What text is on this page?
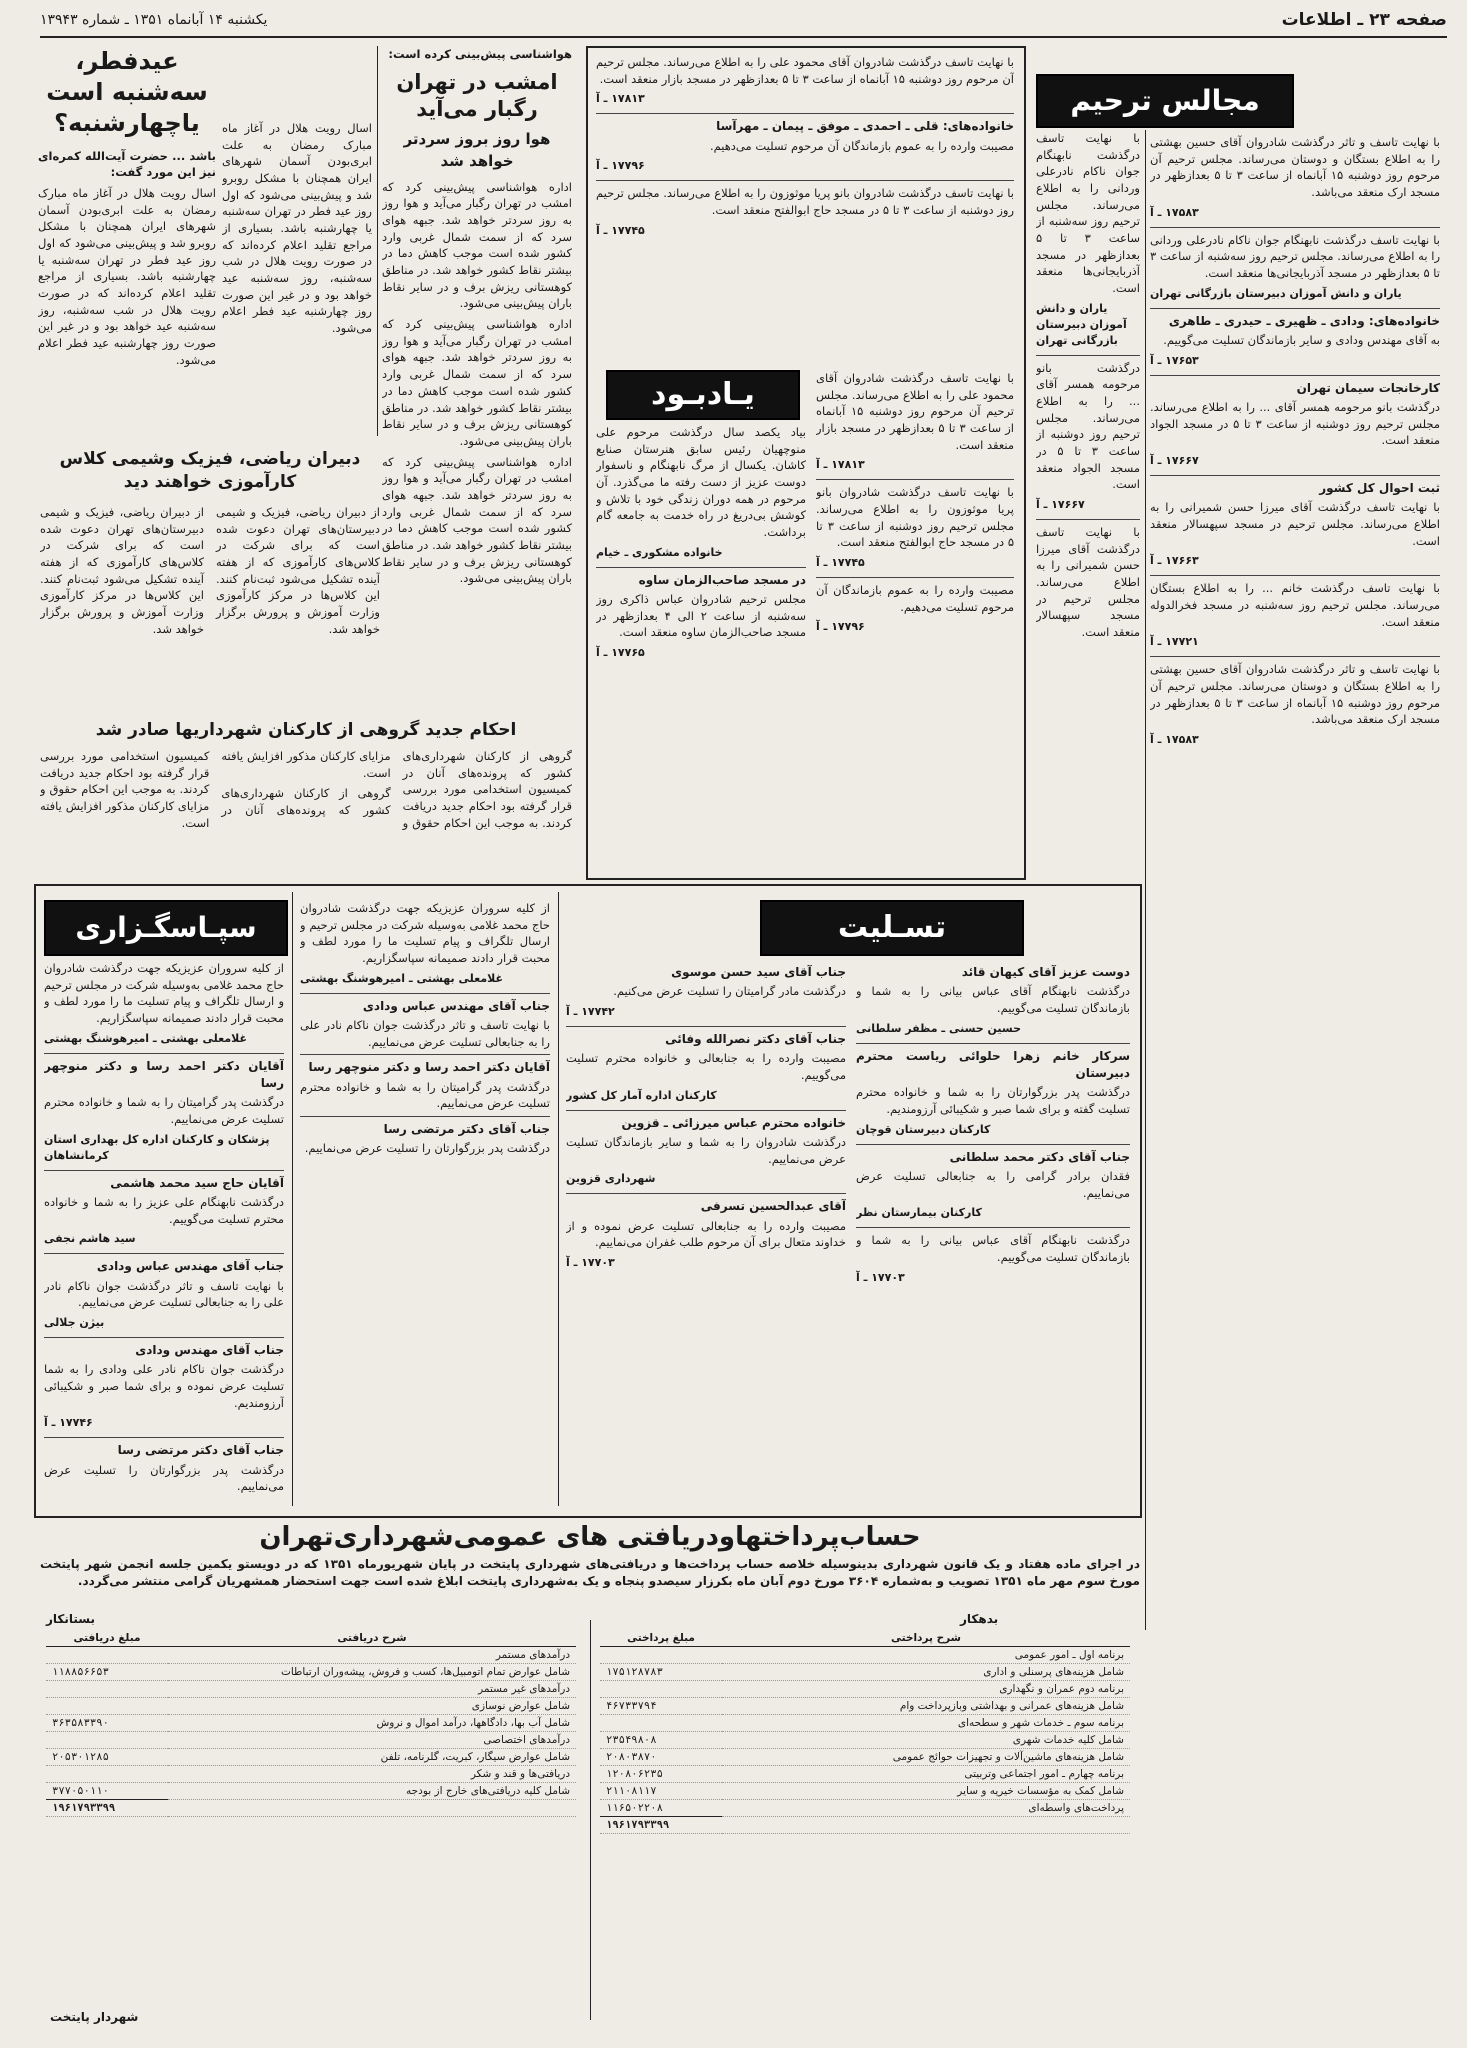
صفحه ۲۳ ـ اطلاعات
یکشنبه ۱۴ آبانماه ۱۳۵۱ ـ شماره ۱۳۹۴۳
عیدفطر، سه‌شنبه است یاچهارشنبه؟

باشد ... حضرت آیت‌الله کمره‌ای نیز این مورد گفت:

اسال رویت هلال در آغاز ماه مبارک رمضان به علت ابری‌بودن آسمان شهرهای ایران همچنان با مشکل روبرو شد و پیش‌بینی می‌شود که اول روز عید فطر در تهران سه‌شنبه یا چهارشنبه باشد. بسیاری از مراجع تقلید اعلام کرده‌اند که در صورت رویت هلال در شب سه‌شنبه، روز سه‌شنبه عید خواهد بود و در غیر این صورت روز چهارشنبه عید فطر اعلام می‌شود.

اسال رویت هلال در آغاز ماه مبارک رمضان به علت ابری‌بودن آسمان شهرهای ایران همچنان با مشکل روبرو شد و پیش‌بینی می‌شود که اول روز عید فطر در تهران سه‌شنبه یا چهارشنبه باشد. بسیاری از مراجع تقلید اعلام کرده‌اند که در صورت رویت هلال در شب سه‌شنبه، روز سه‌شنبه عید خواهد بود و در غیر این صورت روز چهارشنبه عید فطر اعلام می‌شود.

هواشناسی پیش‌بینی کرده است:

امشب در تهران رگبار می‌آید
هوا روز بروز سردتر خواهد شد

اداره هواشناسی پیش‌بینی کرد که امشب در تهران رگبار می‌آید و هوا روز به روز سردتر خواهد شد. جبهه هوای سرد که از سمت شمال غربی وارد کشور شده است موجب کاهش دما در بیشتر نقاط کشور خواهد شد. در مناطق کوهستانی ریزش برف و در سایر نقاط باران پیش‌بینی می‌شود.

اداره هواشناسی پیش‌بینی کرد که امشب در تهران رگبار می‌آید و هوا روز به روز سردتر خواهد شد. جبهه هوای سرد که از سمت شمال غربی وارد کشور شده است موجب کاهش دما در بیشتر نقاط کشور خواهد شد. در مناطق کوهستانی ریزش برف و در سایر نقاط باران پیش‌بینی می‌شود.

اداره هواشناسی پیش‌بینی کرد که امشب در تهران رگبار می‌آید و هوا روز به روز سردتر خواهد شد. جبهه هوای سرد که از سمت شمال غربی وارد کشور شده است موجب کاهش دما در بیشتر نقاط کشور خواهد شد. در مناطق کوهستانی ریزش برف و در سایر نقاط باران پیش‌بینی می‌شود.

دبیران ریاضی، فیزیک وشیمی کلاس کارآموزی خواهند دید

از دبیران ریاضی، فیزیک و شیمی دبیرستان‌های تهران دعوت شده است که برای شرکت در کلاس‌های کارآموزی که از هفته آینده تشکیل می‌شود ثبت‌نام کنند. این کلاس‌ها در مرکز کارآموزی وزارت آموزش و پرورش برگزار خواهد شد.

از دبیران ریاضی، فیزیک و شیمی دبیرستان‌های تهران دعوت شده است که برای شرکت در کلاس‌های کارآموزی که از هفته آینده تشکیل می‌شود ثبت‌نام کنند. این کلاس‌ها در مرکز کارآموزی وزارت آموزش و پرورش برگزار خواهد شد.

احکام جدید گروهی از کارکنان شهرداریها صادر شد

گروهی از کارکنان شهرداری‌های کشور که پرونده‌های آنان در کمیسیون استخدامی مورد بررسی قرار گرفته بود احکام جدید دریافت کردند. به موجب این احکام حقوق و مزایای کارکنان مذکور افزایش یافته است.

گروهی از کارکنان شهرداری‌های کشور که پرونده‌های آنان در کمیسیون استخدامی مورد بررسی قرار گرفته بود احکام جدید دریافت کردند. به موجب این احکام حقوق و مزایای کارکنان مذکور افزایش یافته است.

با نهایت تاسف درگذشت شادروان آقای محمود علی را به اطلاع می‌رساند. مجلس ترحیم آن مرحوم روز دوشنبه ۱۵ آبانماه از ساعت ۳ تا ۵ بعدازظهر در مسجد بازار منعقد است.

۱۷۸۱۳ ـ آ
خانواده‌های: قلی ـ احمدی ـ موفق ـ پیمان ـ مهرآسا

مصیبت وارده را به عموم بازماندگان آن مرحوم تسلیت می‌دهیم.

۱۷۷۹۶ ـ آ

با نهایت تاسف درگذشت شادروان بانو پریا موثوزون را به اطلاع می‌رساند. مجلس ترحیم روز دوشنبه از ساعت ۳ تا ۵ در مسجد حاج ابوالفتح منعقد است.

۱۷۷۴۵ ـ آ
یـادبـود

بیاد یکصد سال درگذشت مرحوم علی منوچهیان رئیس سابق هنرستان صنایع کاشان. یکسال از مرگ نابهنگام و ناسفوار دوست عزیز از دست رفته ما می‌گذرد. آن مرحوم در همه دوران زندگی خود با تلاش و کوشش بی‌دریغ در راه خدمت به جامعه گام برداشت.

خانواده مشکوری ـ خیام
در مسجد صاحب‌الزمان ساوه

مجلس ترحیم شادروان عباس ذاکری روز سه‌شنبه از ساعت ۲ الی ۴ بعدازظهر در مسجد صاحب‌الزمان ساوه منعقد است.

۱۷۷۶۵ ـ آ

با نهایت تاسف درگذشت شادروان آقای محمود علی را به اطلاع می‌رساند. مجلس ترحیم آن مرحوم روز دوشنبه ۱۵ آبانماه از ساعت ۳ تا ۵ بعدازظهر در مسجد بازار منعقد است.

۱۷۸۱۳ ـ آ

با نهایت تاسف درگذشت شادروان بانو پریا موثوزون را به اطلاع می‌رساند. مجلس ترحیم روز دوشنبه از ساعت ۳ تا ۵ در مسجد حاج ابوالفتح منعقد است.

۱۷۷۴۵ ـ آ

مصیبت وارده را به عموم بازماندگان آن مرحوم تسلیت می‌دهیم.

۱۷۷۹۶ ـ آ
مجالس ترحیم

با نهایت تاسف و تاثر درگذشت شادروان آقای حسین بهشتی را به اطلاع بستگان و دوستان می‌رساند. مجلس ترحیم آن مرحوم روز دوشنبه ۱۵ آبانماه از ساعت ۳ تا ۵ بعدازظهر در مسجد ارک منعقد می‌باشد.

۱۷۵۸۳ ـ آ

با نهایت تاسف درگذشت نابهنگام جوان ناکام نادرعلی وردانی را به اطلاع می‌رساند. مجلس ترحیم روز سه‌شنبه از ساعت ۳ تا ۵ بعدازظهر در مسجد آذربایجانی‌ها منعقد است.

یاران و دانش آموزان دبیرستان بازرگانی تهران
خانواده‌های: ودادی ـ ظهیری ـ حیدری ـ طاهری

به آقای مهندس ودادی و سایر بازماندگان تسلیت می‌گوییم.

۱۷۶۵۳ ـ آ
کارخانجات سیمان تهران

درگذشت بانو مرحومه همسر آقای ... را به اطلاع می‌رساند. مجلس ترحیم روز دوشنبه از ساعت ۳ تا ۵ در مسجد الجواد منعقد است.

۱۷۶۶۷ ـ آ
ثبت احوال کل کشور

با نهایت تاسف درگذشت آقای میرزا حسن شمیرانی را به اطلاع می‌رساند. مجلس ترحیم در مسجد سپهسالار منعقد است.

۱۷۶۶۳ ـ آ

با نهایت تاسف درگذشت خانم ... را به اطلاع بستگان می‌رساند. مجلس ترحیم روز سه‌شنبه در مسجد فخرالدوله منعقد است.

۱۷۷۲۱ ـ آ

با نهایت تاسف و تاثر درگذشت شادروان آقای حسین بهشتی را به اطلاع بستگان و دوستان می‌رساند. مجلس ترحیم آن مرحوم روز دوشنبه ۱۵ آبانماه از ساعت ۳ تا ۵ بعدازظهر در مسجد ارک منعقد می‌باشد.

۱۷۵۸۳ ـ آ

با نهایت تاسف درگذشت نابهنگام جوان ناکام نادرعلی وردانی را به اطلاع می‌رساند. مجلس ترحیم روز سه‌شنبه از ساعت ۳ تا ۵ بعدازظهر در مسجد آذربایجانی‌ها منعقد است.

یاران و دانش آموزان دبیرستان بازرگانی تهران

درگذشت بانو مرحومه همسر آقای ... را به اطلاع می‌رساند. مجلس ترحیم روز دوشنبه از ساعت ۳ تا ۵ در مسجد الجواد منعقد است.

۱۷۶۶۷ ـ آ

با نهایت تاسف درگذشت آقای میرزا حسن شمیرانی را به اطلاع می‌رساند. مجلس ترحیم در مسجد سپهسالار منعقد است.

سپـاسگـزاری

از کلیه سروران عزیزیکه جهت درگذشت شادروان حاج محمد غلامی به‌وسیله شرکت در مجلس ترحیم و ارسال تلگراف و پیام تسلیت ما را مورد لطف و محبت قرار دادند صمیمانه سپاسگزاریم.

غلامعلی بهشتی ـ امیرهوشنگ بهشتی
آقایان دکتر احمد رسا و دکتر منوچهر رسا

درگذشت پدر گرامیتان را به شما و خانواده محترم تسلیت عرض می‌نماییم.

پزشکان و کارکنان اداره کل بهداری استان کرمانشاهان
آقایان حاج سید محمد هاشمی

درگذشت نابهنگام علی عزیز را به شما و خانواده محترم تسلیت می‌گوییم.

سید هاشم نجفی
جناب آقای مهندس عباس ودادی

با نهایت تاسف و تاثر درگذشت جوان ناکام نادر علی را به جنابعالی تسلیت عرض می‌نماییم.

بیژن جلالی
جناب آقای مهندس ودادی

درگذشت جوان ناکام نادر علی ودادی را به شما تسلیت عرض نموده و برای شما صبر و شکیبائی آرزومندیم.

۱۷۷۴۶ ـ آ
جناب آقای دکتر مرتضی رسا

درگذشت پدر بزرگوارتان را تسلیت عرض می‌نماییم.

از کلیه سروران عزیزیکه جهت درگذشت شادروان حاج محمد غلامی به‌وسیله شرکت در مجلس ترحیم و ارسال تلگراف و پیام تسلیت ما را مورد لطف و محبت قرار دادند صمیمانه سپاسگزاریم.

غلامعلی بهشتی ـ امیرهوشنگ بهشتی
جناب آقای مهندس عباس ودادی

با نهایت تاسف و تاثر درگذشت جوان ناکام نادر علی را به جنابعالی تسلیت عرض می‌نماییم.

آقایان دکتر احمد رسا و دکتر منوچهر رسا

درگذشت پدر گرامیتان را به شما و خانواده محترم تسلیت عرض می‌نماییم.

جناب آقای دکتر مرتضی رسا

درگذشت پدر بزرگوارتان را تسلیت عرض می‌نماییم.

تسـلیت
جناب آقای سید حسن موسوی

درگذشت مادر گرامیتان را تسلیت عرض می‌کنیم.

۱۷۷۴۲ ـ آ
جناب آقای دکتر نصرالله وفائی

مصیبت وارده را به جنابعالی و خانواده محترم تسلیت می‌گوییم.

کارکنان اداره آمار کل کشور
خانواده محترم عباس میرزائی ـ قزوین

درگذشت شادروان را به شما و سایر بازماندگان تسلیت عرض می‌نماییم.

شهرداری قزوین
آقای عبدالحسین تسرفی

مصیبت وارده را به جنابعالی تسلیت عرض نموده و از خداوند متعال برای آن مرحوم طلب غفران می‌نماییم.

۱۷۷۰۳ ـ آ
دوست عزیز آقای کیهان قائد

درگذشت نابهنگام آقای عباس بیانی را به شما و بازماندگان تسلیت می‌گوییم.

حسین حسنی ـ مظفر سلطانی
سرکار خانم زهرا حلوائی ریاست محترم دبیرستان

درگذشت پدر بزرگوارتان را به شما و خانواده محترم تسلیت گفته و برای شما صبر و شکیبائی آرزومندیم.

کارکنان دبیرستان قوچان
جناب آقای دکتر محمد سلطانی

فقدان برادر گرامی را به جنابعالی تسلیت عرض می‌نماییم.

کارکنان بیمارستان نظر

درگذشت نابهنگام آقای عباس بیانی را به شما و بازماندگان تسلیت می‌گوییم.

۱۷۷۰۳ ـ آ
حساب‌پرداختهاودریافتی های عمومی‌شهرداری‌تهران

در اجرای ماده هفتاد و یک قانون شهرداری بدینوسیله خلاصه حساب پرداخت‌ها و دریافتی‌های شهرداری پایتخت در پایان شهریورماه ۱۳۵۱ که در دویستو یکمین جلسه انجمن شهر پایتخت مورخ سوم مهر ماه ۱۳۵۱ تصویب و به‌شماره ۳۶۰۴ مورخ دوم آبان ماه بکرزار سیصدو پنجاه و یک به‌شهرداری پایتخت ابلاغ شده است جهت استحضار همشهریان گرامی منتشر می‌گردد.

بدهکار
بستانکار
شرح پرداختی	مبلغ پرداختی
برنامه اول ـ امور عمومی	
شامل هزینه‌های پرسنلی و اداری	۱۷۵۱۲۸۷۸۳
برنامه دوم عمران و نگهداری	
شامل هزینه‌های عمرانی و بهداشتی وبازپرداخت وام	۴۶۷۳۳۷۹۴
برنامه سوم ـ خدمات شهر و سطحه‌ای	
شامل کلیه خدمات شهری	۲۳۵۴۹۸۰۸
شامل هزینه‌های ماشین‌آلات و تجهیزات حوائج عمومی	۲۰۸۰۳۸۷۰
برنامه چهارم ـ امور اجتماعی وتربیتی	۱۲۰۸۰۶۲۳۵
شامل کمک به مؤسسات خیریه و سایر	۲۱۱۰۸۱۱۷
پرداخت‌های واسطه‌ای	۱۱۶۵۰۲۲۰۸
	۱۹۶۱۷۹۳۳۹۹
شرح دریافتی	مبلغ دریافتی
درآمدهای مستمر	
شامل عوارض تمام اتومبیل‌ها، کسب و فروش، پیشه‌وران ارتباطات	۱۱۸۸۵۶۶۵۳
درآمدهای غیر مستمر	
شامل عوارض نوسازی	
شامل آب بها، دادگاهها، درآمد اموال و نروش	۳۶۳۵۸۳۳۹۰
درآمدهای اختصاصی	
شامل عوارض سیگار، کبریت، گلرنامه، تلفن	۲۰۵۳۰۱۲۸۵
دریافتی‌ها و قند و شکر	
شامل کلیه دریافتی‌های خارج از بودجه	۳۷۷۰۵۰۱۱۰
	۱۹۶۱۷۹۳۳۹۹
شهردار پایتخت
